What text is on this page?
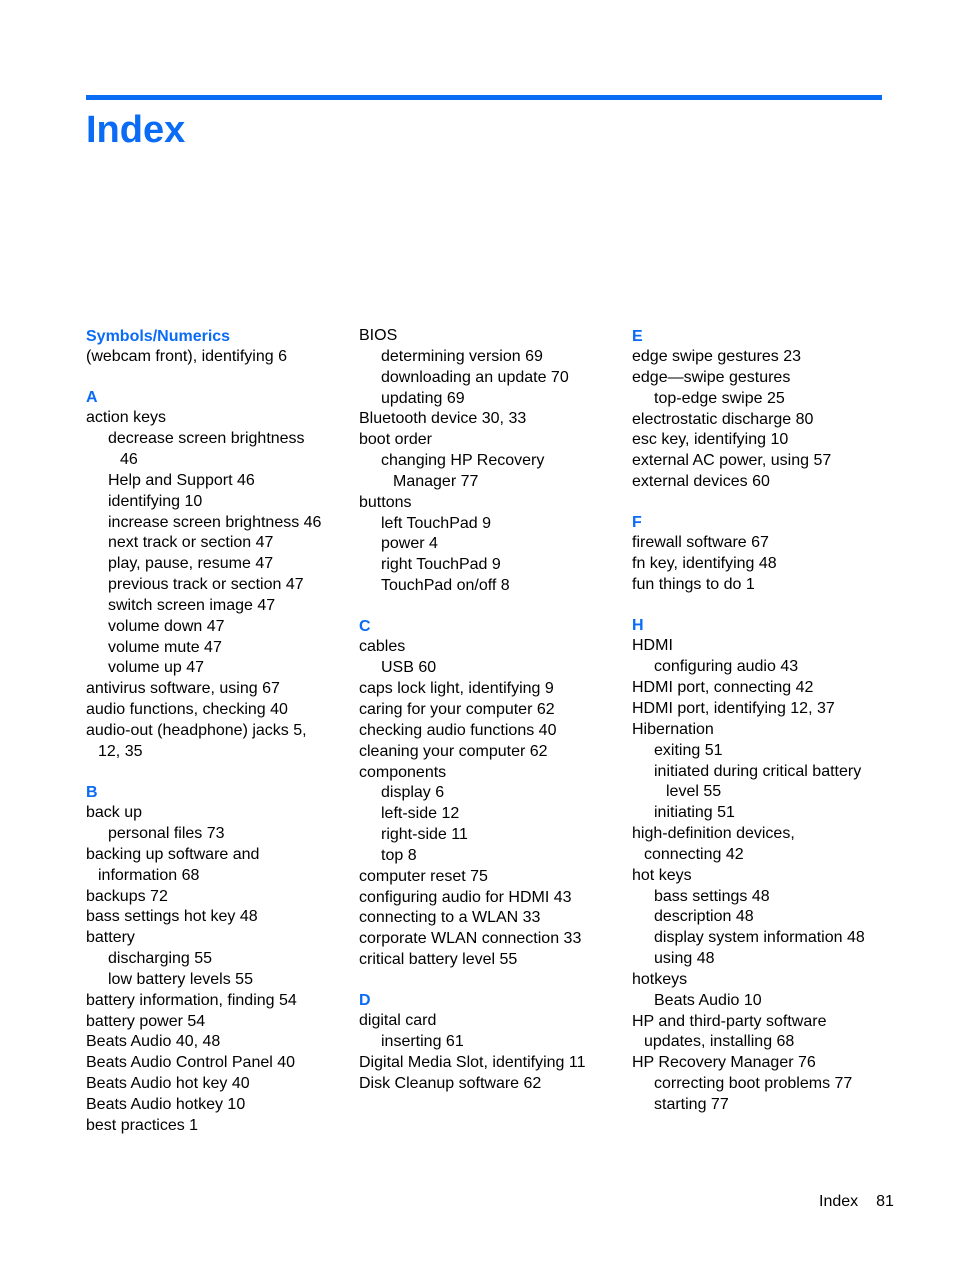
Index
Symbols/Numerics
(webcam front), identifying 6
A
action keys
decrease screen brightness
46
Help and Support 46
identifying 10
increase screen brightness 46
next track or section 47
play, pause, resume 47
previous track or section 47
switch screen image 47
volume down 47
volume mute 47
volume up 47
antivirus software, using 67
audio functions, checking 40
audio-out (headphone) jacks 5,
12, 35
B
back up
personal files 73
backing up software and
information 68
backups 72
bass settings hot key 48
battery
discharging 55
low battery levels 55
battery information, finding 54
battery power 54
Beats Audio 40, 48
Beats Audio Control Panel 40
Beats Audio hot key 40
Beats Audio hotkey 10
best practices 1
BIOS
determining version 69
downloading an update 70
updating 69
Bluetooth device 30, 33
boot order
changing HP Recovery
Manager 77
buttons
left TouchPad 9
power 4
right TouchPad 9
TouchPad on/off 8
C
cables
USB 60
caps lock light, identifying 9
caring for your computer 62
checking audio functions 40
cleaning your computer 62
components
display 6
left-side 12
right-side 11
top 8
computer reset 75
configuring audio for HDMI 43
connecting to a WLAN 33
corporate WLAN connection 33
critical battery level 55
D
digital card
inserting 61
Digital Media Slot, identifying 11
Disk Cleanup software 62
E
edge swipe gestures 23
edge—swipe gestures
top-edge swipe 25
electrostatic discharge 80
esc key, identifying 10
external AC power, using 57
external devices 60
F
firewall software 67
fn key, identifying 48
fun things to do 1
H
HDMI
configuring audio 43
HDMI port, connecting 42
HDMI port, identifying 12, 37
Hibernation
exiting 51
initiated during critical battery
level 55
initiating 51
high-definition devices,
connecting 42
hot keys
bass settings 48
description 48
display system information 48
using 48
hotkeys
Beats Audio 10
HP and third-party software
updates, installing 68
HP Recovery Manager 76
correcting boot problems 77
starting 77
Index 81
